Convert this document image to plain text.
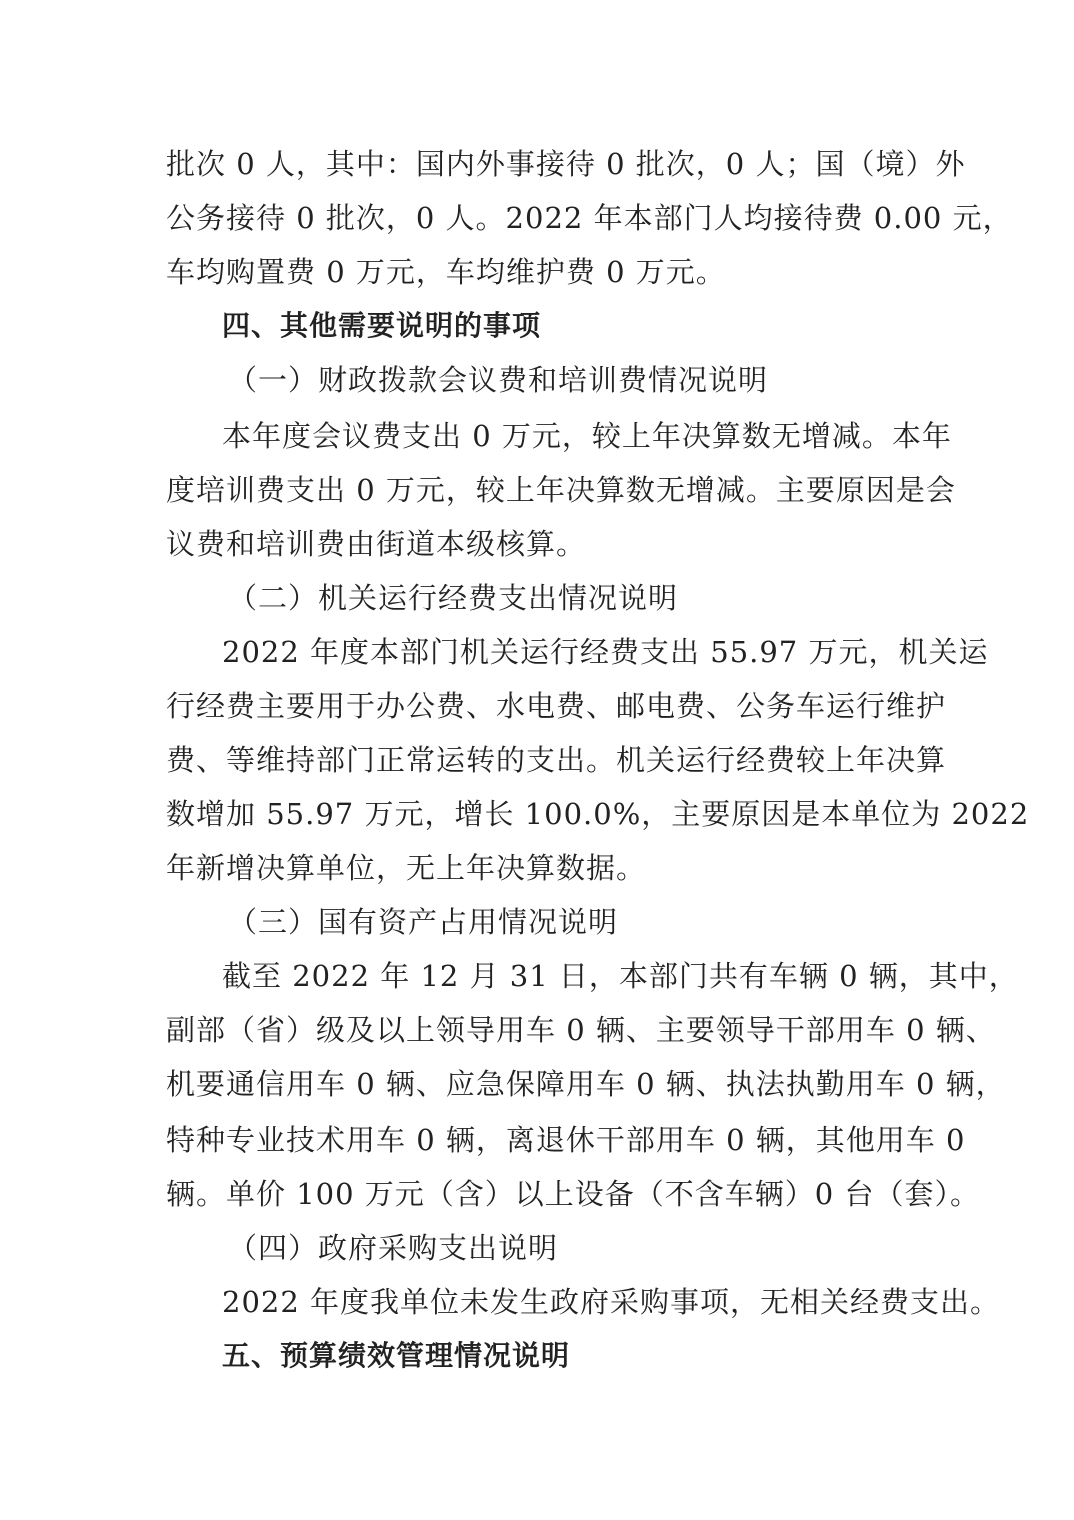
批次 0 人，其中：国内外事接待 0 批次，0 人；国（境）外
公务接待 0 批次，0 人。2022 年本部门人均接待费 0.00 元，
车均购置费 0 万元，车均维护费 0 万元。
四、其他需要说明的事项
（一）财政拨款会议费和培训费情况说明
本年度会议费支出 0 万元，较上年决算数无增减。本年
度培训费支出 0 万元，较上年决算数无增减。主要原因是会
议费和培训费由街道本级核算。
（二）机关运行经费支出情况说明
2022 年度本部门机关运行经费支出 55.97 万元，机关运
行经费主要用于办公费、水电费、邮电费、公务车运行维护
费、等维持部门正常运转的支出。机关运行经费较上年决算
数增加 55.97 万元，增长 100.0%，主要原因是本单位为 2022
年新增决算单位，无上年决算数据。
（三）国有资产占用情况说明
截至 2022 年 12 月 31 日，本部门共有车辆 0 辆，其中，
副部（省）级及以上领导用车 0 辆、主要领导干部用车 0 辆、
机要通信用车 0 辆、应急保障用车 0 辆、执法执勤用车 0 辆，
特种专业技术用车 0 辆，离退休干部用车 0 辆，其他用车 0
辆。单价 100 万元（含）以上设备（不含车辆）0 台（套）。
（四）政府采购支出说明
2022 年度我单位未发生政府采购事项，无相关经费支出。
五、预算绩效管理情况说明
